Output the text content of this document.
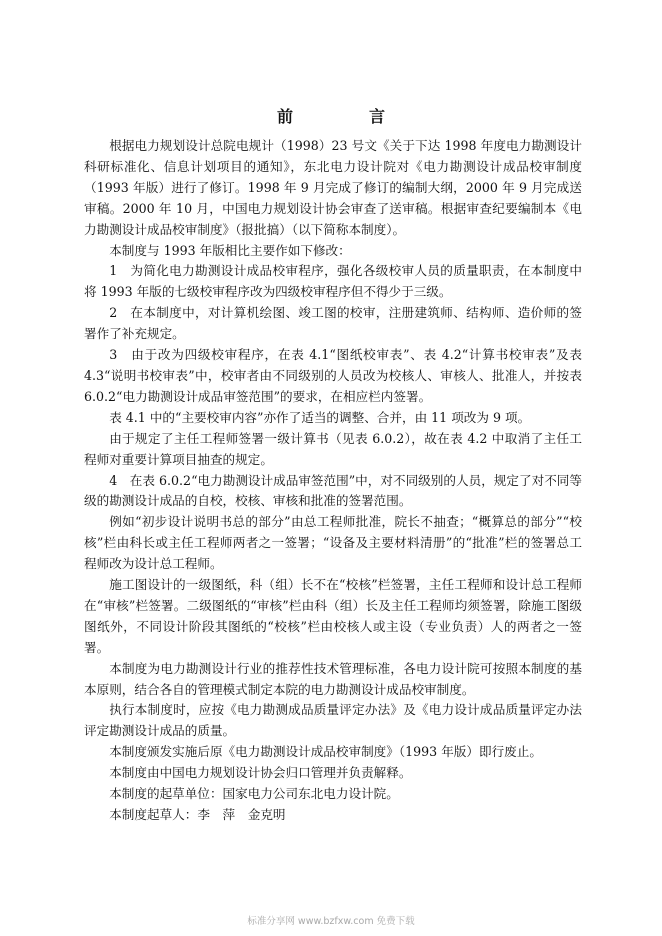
前　言

根据电力规划设计总院电规计（1998）23 号文《关于下达 1998 年度电力勘测设计科研标准化、信息计划项目的通知》，东北电力设计院对《电力勘测设计成品校审制度（1993 年版）进行了修订。1998 年 9 月完成了修订的编制大纲，2000 年 9 月完成送审稿。2000 年 10 月，中国电力规划设计协会审查了送审稿。根据审查纪要编制本《电力勘测设计成品校审制度》（报批搞）（以下简称本制度）。

本制度与 1993 年版相比主要作如下修改：

1　为简化电力勘测设计成品校审程序，强化各级校审人员的质量职责，在本制度中将 1993 年版的七级校审程序改为四级校审程序但不得少于三级。

2　在本制度中，对计算机绘图、竣工图的校审，注册建筑师、结构师、造价师的签署作了补充规定。

3　由于改为四级校审程序，在表 4.1“图纸校审表”、表 4.2“计算书校审表”及表 4.3“说明书校审表”中，校审者由不同级别的人员改为校核人、审核人、批准人，并按表 6.0.2“电力勘测设计成品审签范围”的要求，在相应栏内签署。

表 4.1 中的“主要校审内容”亦作了适当的调整、合并，由 11 项改为 9 项。

由于规定了主任工程师签署一级计算书（见表 6.0.2），故在表 4.2 中取消了主任工程师对重要计算项目抽查的规定。

4　在表 6.0.2“电力勘测设计成品审签范围”中，对不同级别的人员，规定了对不同等级的勘测设计成品的自校，校核、审核和批准的签署范围。

例如“初步设计说明书总的部分”由总工程师批准，院长不抽查；“概算总的部分”“校核”栏由科长或主任工程师两者之一签署；“设备及主要材料清册”的“批准”栏的签署总工程师改为设计总工程师。

施工图设计的一级图纸，科（组）长不在“校核”栏签署，主任工程师和设计总工程师在“审核”栏签署。二级图纸的“审核”栏由科（组）长及主任工程师均须签署，除施工图级图纸外，不同设计阶段其图纸的“校核”栏由校核人或主设（专业负责）人的两者之一签署。

本制度为电力勘测设计行业的推荐性技术管理标准，各电力设计院可按照本制度的基本原则，结合各自的管理模式制定本院的电力勘测设计成品校审制度。

执行本制度时，应按《电力勘测成品质量评定办法》及《电力设计成品质量评定办法评定勘测设计成品的质量。

本制度颁发实施后原《电力勘测设计成品校审制度》（1993 年版）即行废止。

本制度由中国电力规划设计协会归口管理并负责解释。

本制度的起草单位：国家电力公司东北电力设计院。

本制度起草人：李　萍　金克明

标准分享网 www.bzfxw.com 免费下载
